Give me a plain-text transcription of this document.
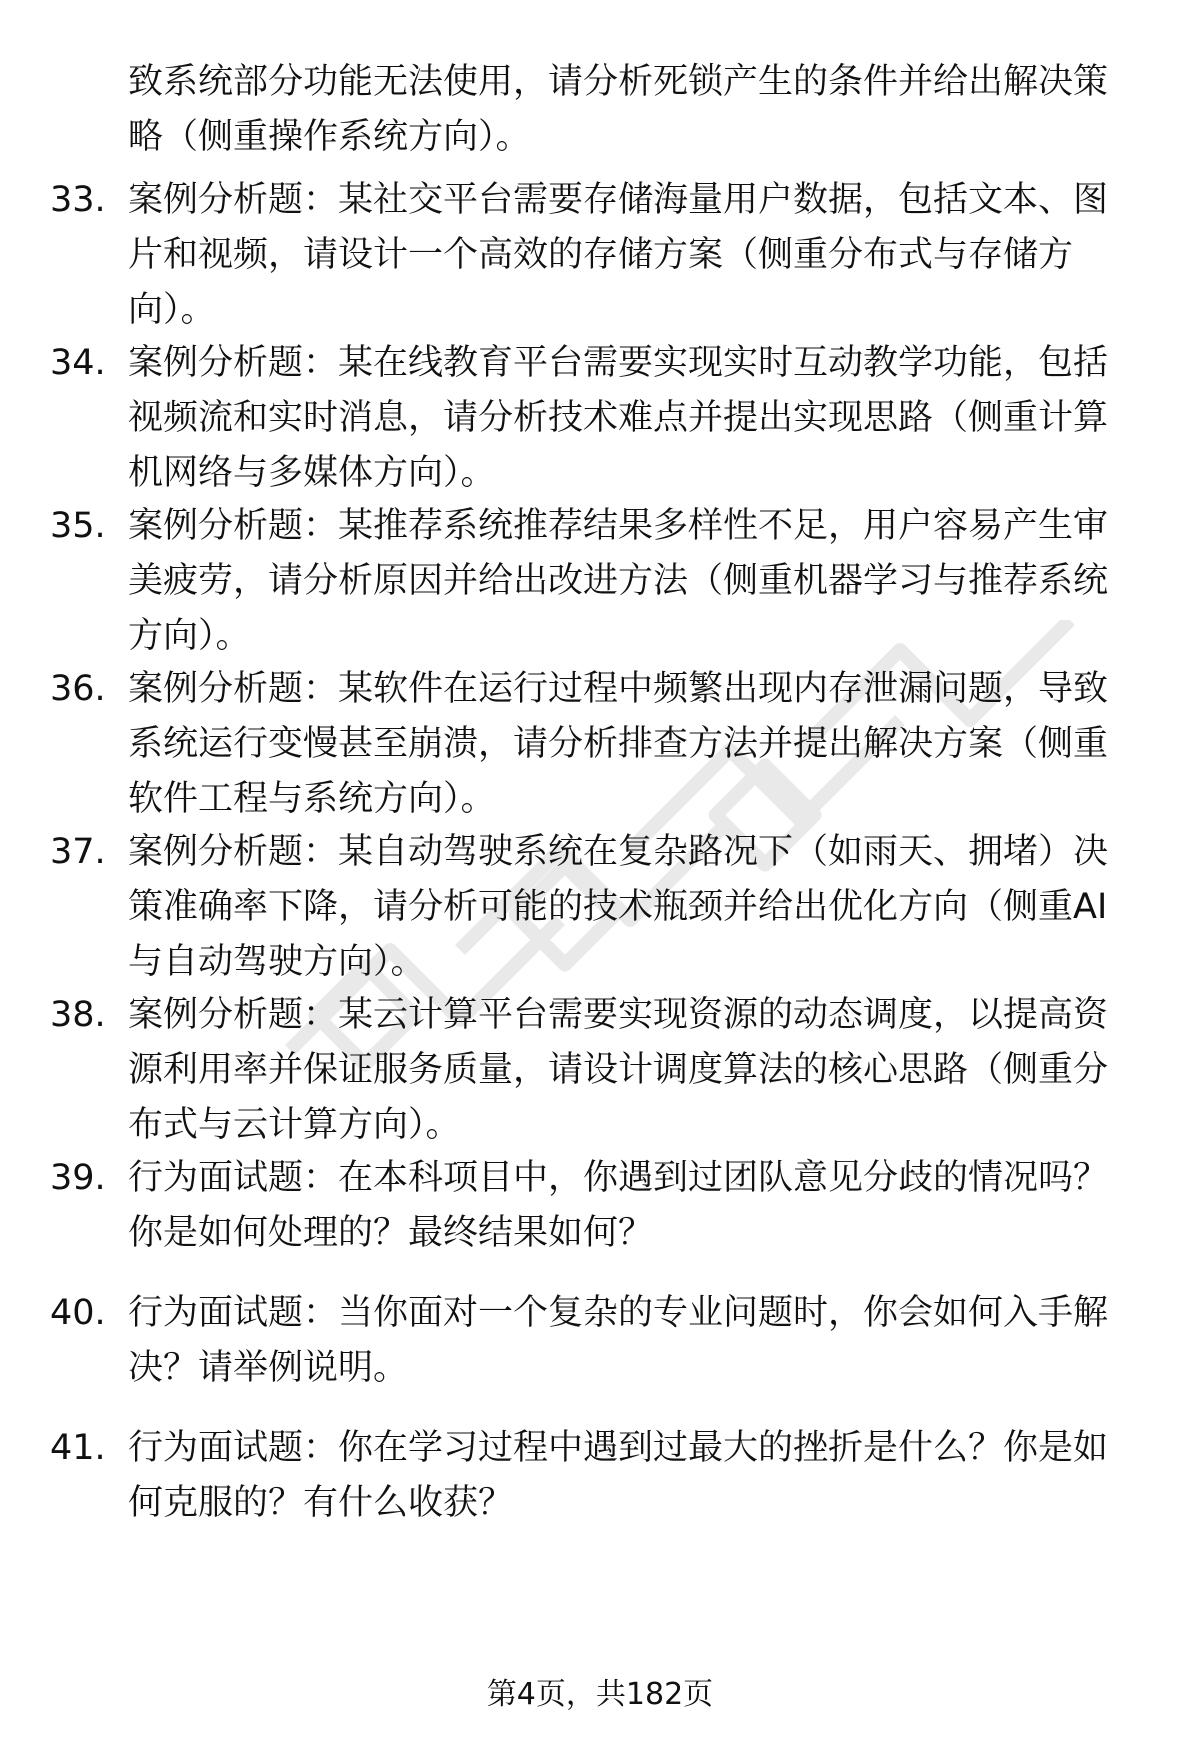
致系统部分功能无法使用，请分析死锁产生的条件并给出解决策略（侧重操作系统方向）。
33. 案例分析题：某社交平台需要存储海量用户数据，包括文本、图片和视频，请设计一个高效的存储方案（侧重分布式与存储方向）。
34. 案例分析题：某在线教育平台需要实现实时互动教学功能，包括视频流和实时消息，请分析技术难点并提出实现思路（侧重计算机网络与多媒体方向）。
35. 案例分析题：某推荐系统推荐结果多样性不足，用户容易产生审美疲劳，请分析原因并给出改进方法（侧重机器学习与推荐系统方向）。
36. 案例分析题：某软件在运行过程中频繁出现内存泄漏问题，导致系统运行变慢甚至崩溃，请分析排查方法并提出解决方案（侧重软件工程与系统方向）。
37. 案例分析题：某自动驾驶系统在复杂路况下（如雨天、拥堵）决策准确率下降，请分析可能的技术瓶颈并给出优化方向（侧重AI与自动驾驶方向）。
38. 案例分析题：某云计算平台需要实现资源的动态调度，以提高资源利用率并保证服务质量，请设计调度算法的核心思路（侧重分布式与云计算方向）。
39. 行为面试题：在本科项目中，你遇到过团队意见分歧的情况吗？你是如何处理的？最终结果如何？
40. 行为面试题：当你面对一个复杂的专业问题时，你会如何入手解决？请举例说明。
41. 行为面试题：你在学习过程中遇到过最大的挫折是什么？你是如何克服的？有什么收获？
第4页，共182页
